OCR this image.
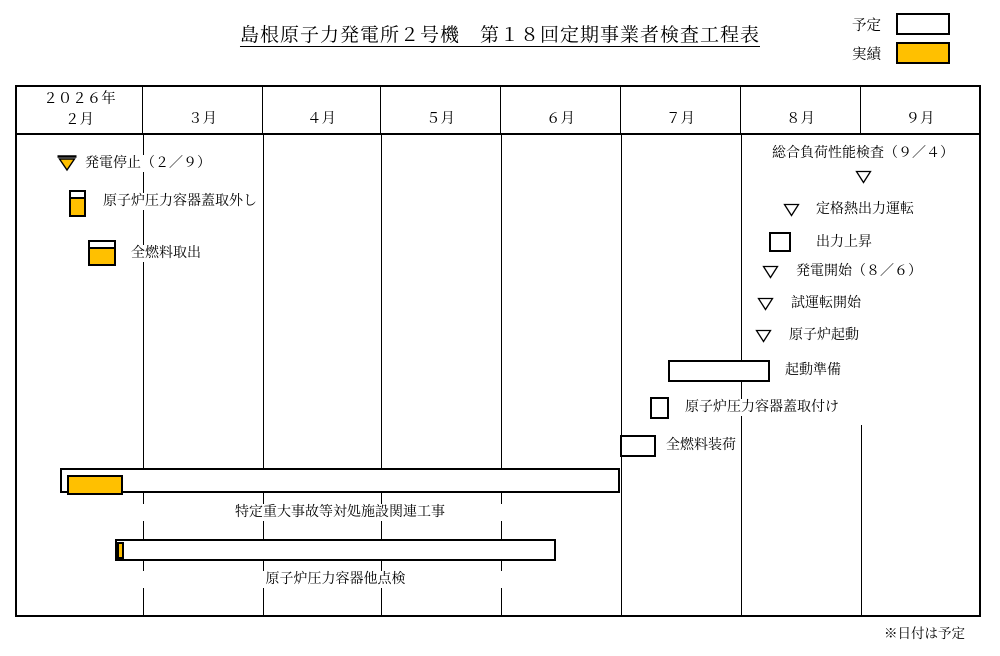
島根原子力発電所２号機　第１８回定期事業者検査工程表	予定
実績
２０２６年
２月	３月	４月	５月	６月	７月	８月	９月
発電停止（２／９）
原子炉圧力容器蓋取外し
全燃料取出
総合負荷性能検査（９／４）
定格熱出力運転
出力上昇
発電開始（８／６）
試運転開始
原子炉起動
起動準備
原子炉圧力容器蓋取付け
全燃料装荷
特定重大事故等対処施設関連工事
原子炉圧力容器他点検
※日付は予定
